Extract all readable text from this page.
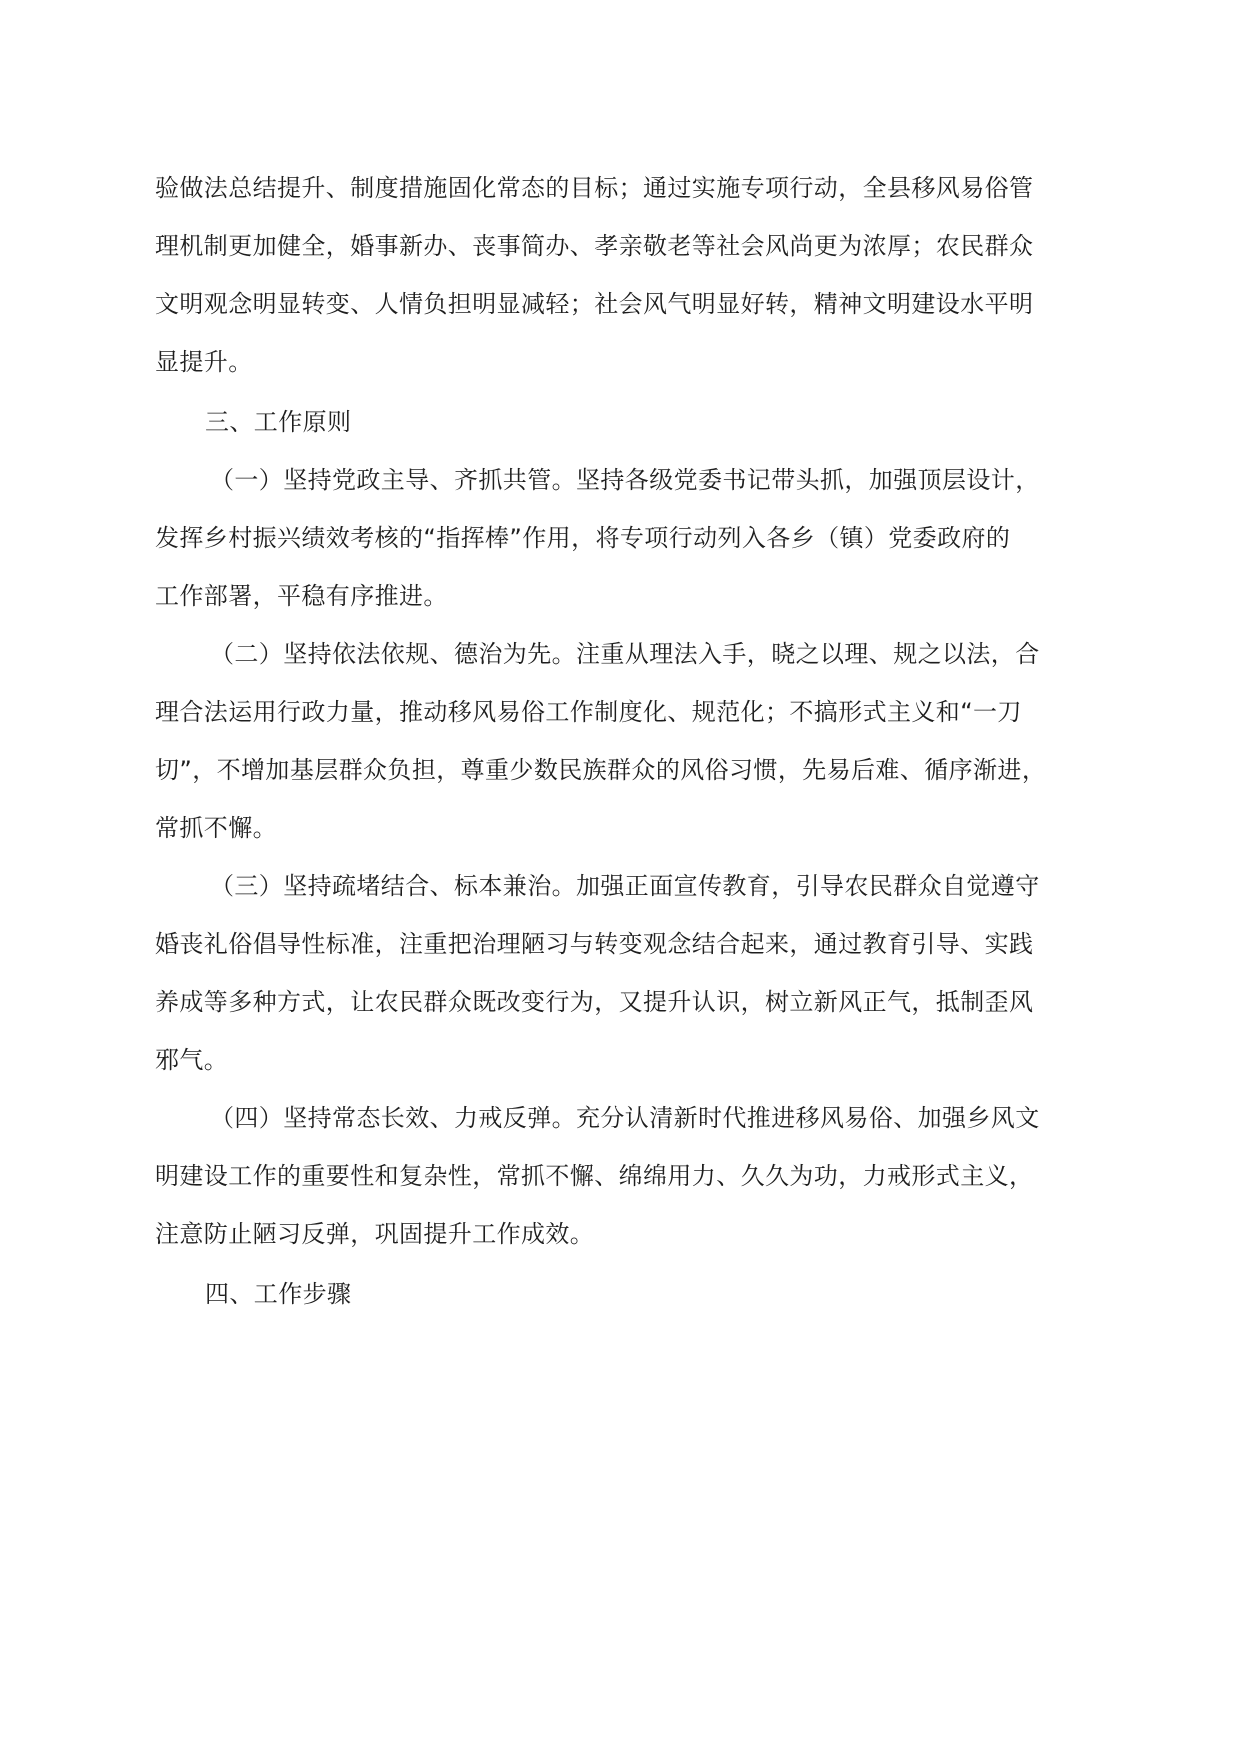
验做法总结提升、制度措施固化常态的目标；通过实施专项行动，全县移风易俗管
理机制更加健全，婚事新办、丧事简办、孝亲敬老等社会风尚更为浓厚；农民群众
文明观念明显转变、人情负担明显减轻；社会风气明显好转，精神文明建设水平明
显提升。
三、工作原则
（一）坚持党政主导、齐抓共管。坚持各级党委书记带头抓，加强顶层设计，
发挥乡村振兴绩效考核的“指挥棒”作用，将专项行动列入各乡（镇）党委政府的
工作部署，平稳有序推进。
（二）坚持依法依规、德治为先。注重从理法入手，晓之以理、规之以法，合
理合法运用行政力量，推动移风易俗工作制度化、规范化；不搞形式主义和“一刀
切”，不增加基层群众负担，尊重少数民族群众的风俗习惯，先易后难、循序渐进，
常抓不懈。
（三）坚持疏堵结合、标本兼治。加强正面宣传教育，引导农民群众自觉遵守
婚丧礼俗倡导性标准，注重把治理陋习与转变观念结合起来，通过教育引导、实践
养成等多种方式，让农民群众既改变行为，又提升认识，树立新风正气，抵制歪风
邪气。
（四）坚持常态长效、力戒反弹。充分认清新时代推进移风易俗、加强乡风文
明建设工作的重要性和复杂性，常抓不懈、绵绵用力、久久为功，力戒形式主义，
注意防止陋习反弹，巩固提升工作成效。
四、工作步骤
